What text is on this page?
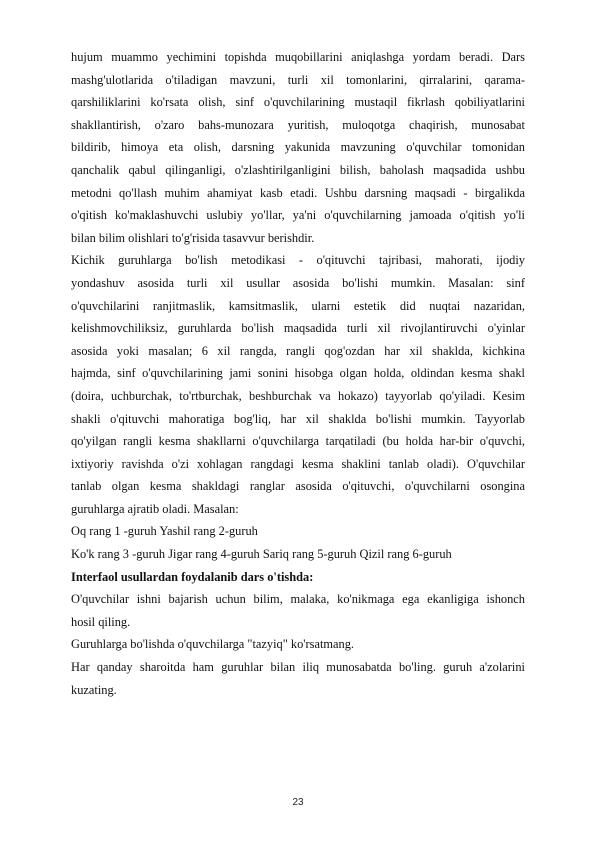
hujum muammo yechimini topishda muqobillarini aniqlashga yordam beradi. Dars
mashg'ulotlarida o'tiladigan mavzuni, turli xil tomonlarini, qirralarini, qarama-
qarshiliklarini ko'rsata olish, sinf o'quvchilarining mustaqil fikrlash qobiliyatlarini
shakllantirish, o'zaro bahs-munozara yuritish, muloqotga chaqirish, munosabat
bildirib, himoya eta olish, darsning yakunida mavzuning o'quvchilar tomonidan
qanchalik qabul qilinganligi, o'zlashtirilganligini bilish, baholash maqsadida ushbu
metodni qo'llash muhim ahamiyat kasb etadi. Ushbu darsning maqsadi - birgalikda
o'qitish ko'maklashuvchi uslubiy yo'llar, ya'ni o'quvchilarning jamoada o'qitish yo'li
bilan bilim olishlari to'g'risida tasavvur berishdir.

Kichik guruhlarga bo'lish metodikasi - o'qituvchi tajribasi, mahorati, ijodiy
yondashuv asosida turli xil usullar asosida bo'lishi mumkin. Masalan: sinf
o'quvchilarini ranjitmaslik, kamsitmaslik, ularni estetik did nuqtai nazaridan,
kelishmovchiliksiz, guruhlarda bo'lish maqsadida turli xil rivojlantiruvchi o'yinlar
asosida yoki masalan; 6 xil rangda, rangli qog'ozdan har xil shaklda, kichkina
hajmda, sinf o'quvchilarining jami sonini hisobga olgan holda, oldindan kesma shakl
(doira, uchburchak, to'rtburchak, beshburchak va hokazo) tayyorlab qo'yiladi. Kesim
shakli o'qituvchi mahoratiga bog'liq, har xil shaklda bo'lishi mumkin. Tayyorlab
qo'yilgan rangli kesma shakllarni o'quvchilarga tarqatiladi (bu holda har-bir o'quvchi,
ixtiyoriy ravishda o'zi xohlagan rangdagi kesma shaklini tanlab oladi). O'quvchilar
tanlab olgan kesma shakldagi ranglar asosida o'qituvchi, o'quvchilarni osongina
guruhlarga ajratib oladi. Masalan:

Oq rang 1 -guruh Yashil rang 2-guruh

Ko'k rang 3 -guruh Jigar rang 4-guruh Sariq rang 5-guruh Qizil rang 6-guruh

Interfaol usullardan foydalanib dars o'tishda:

O'quvchilar ishni bajarish uchun bilim, malaka, ko'nikmaga ega ekanligiga ishonch
hosil qiling.

Guruhlarga bo'lishda o'quvchilarga "tazyiq" ko'rsatmang.

Har qanday sharoitda ham guruhlar bilan iliq munosabatda bo'ling. guruh a'zolarini
kuzating.

23
